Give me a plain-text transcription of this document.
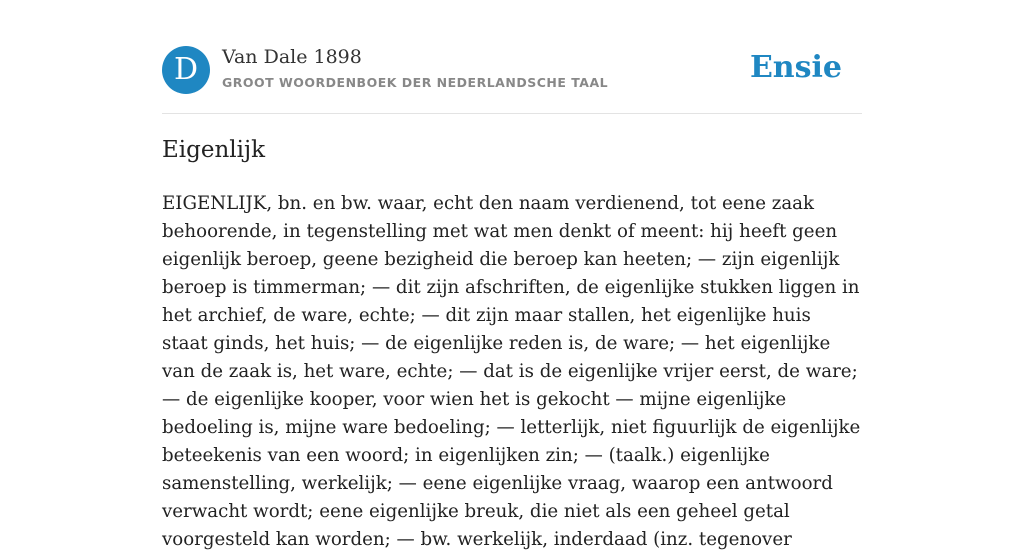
D	Van Dale 1898
GROOT WOORDENBOEK DER NEDERLANDSCHE TAAL	Ensie
Eigenlijk

EIGENLIJK, bn. en bw. waar, echt den naam verdienend, tot eene zaak behoorende, in tegenstelling met wat men denkt of meent: hij heeft geen eigenlijk beroep, geene bezigheid die beroep kan heeten; — zijn eigenlijk beroep is timmerman; — dit zijn afschriften, de eigenlijke stukken liggen in het archief, de ware, echte; — dit zijn maar stallen, het eigenlijke huis staat ginds, het huis; — de eigenlijke reden is, de ware; — het eigenlijke van de zaak is, het ware, echte; — dat is de eigenlijke vrijer eerst, de ware; — de eigenlijke kooper, voor wien het is gekocht — mijne eigenlijke bedoeling is, mijne ware bedoeling; — letterlijk, niet figuurlijk de eigenlijke beteekenis van een woord; in eigenlijken zin; — (taalk.) eigenlijke samenstelling, werkelijk; — eene eigenlijke vraag, waarop een antwoord verwacht wordt; eene eigenlijke breuk, die niet als een geheel getal voorgesteld kan worden; — bw. werkelijk, inderdaad (inz. tegenover
